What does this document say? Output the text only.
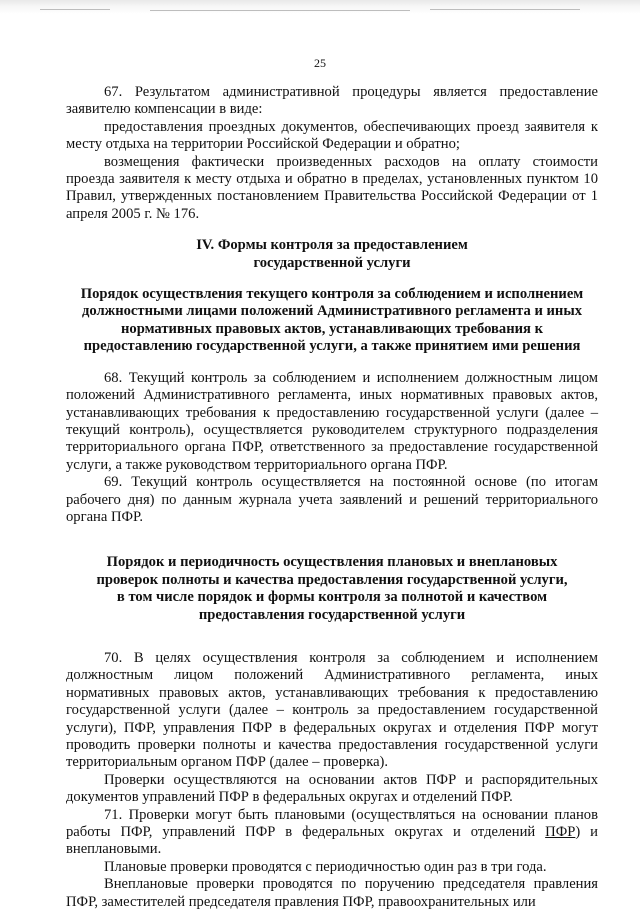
25

67. Результатом административной процедуры является предоставление заявителю компенсации в виде:

предоставления проездных документов, обеспечивающих проезд заявителя к месту отдыха на территории Российской Федерации и обратно;

возмещения фактически произведенных расходов на оплату стоимости проезда заявителя к месту отдыха и обратно в пределах, установленных пунктом 10 Правил, утвержденных постановлением Правительства Российской Федерации от 1 апреля 2005 г. № 176.

IV. Формы контроля за предоставлением государственной услуги
Порядок осуществления текущего контроля за соблюдением и исполнением должностными лицами положений Административного регламента и иных нормативных правовых актов, устанавливающих требования к предоставлению государственной услуги, а также принятием ими решения

68. Текущий контроль за соблюдением и исполнением должностным лицом положений Административного регламента, иных нормативных правовых актов, устанавливающих требования к предоставлению государственной услуги (далее – текущий контроль), осуществляется руководителем структурного подразделения территориального органа ПФР, ответственного за предоставление государственной услуги, а также руководством территориального органа ПФР.

69. Текущий контроль осуществляется на постоянной основе (по итогам рабочего дня) по данным журнала учета заявлений и решений территориального органа ПФР.

Порядок и периодичность осуществления плановых и внеплановых проверок полноты и качества предоставления государственной услуги, в том числе порядок и формы контроля за полнотой и качеством предоставления государственной услуги

70. В целях осуществления контроля за соблюдением и исполнением должностным лицом положений Административного регламента, иных нормативных правовых актов, устанавливающих требования к предоставлению государственной услуги (далее – контроль за предоставлением государственной услуги), ПФР, управления ПФР в федеральных округах и отделения ПФР могут проводить проверки полноты и качества предоставления государственной услуги территориальным органом ПФР (далее – проверка).

Проверки осуществляются на основании актов ПФР и распорядительных документов управлений ПФР в федеральных округах и отделений ПФР.

71. Проверки могут быть плановыми (осуществляться на основании планов работы ПФР, управлений ПФР в федеральных округах и отделений ПФР) и внеплановыми.

Плановые проверки проводятся с периодичностью один раз в три года.

Внеплановые проверки проводятся по поручению председателя правления ПФР, заместителей председателя правления ПФР, правоохранительных или
